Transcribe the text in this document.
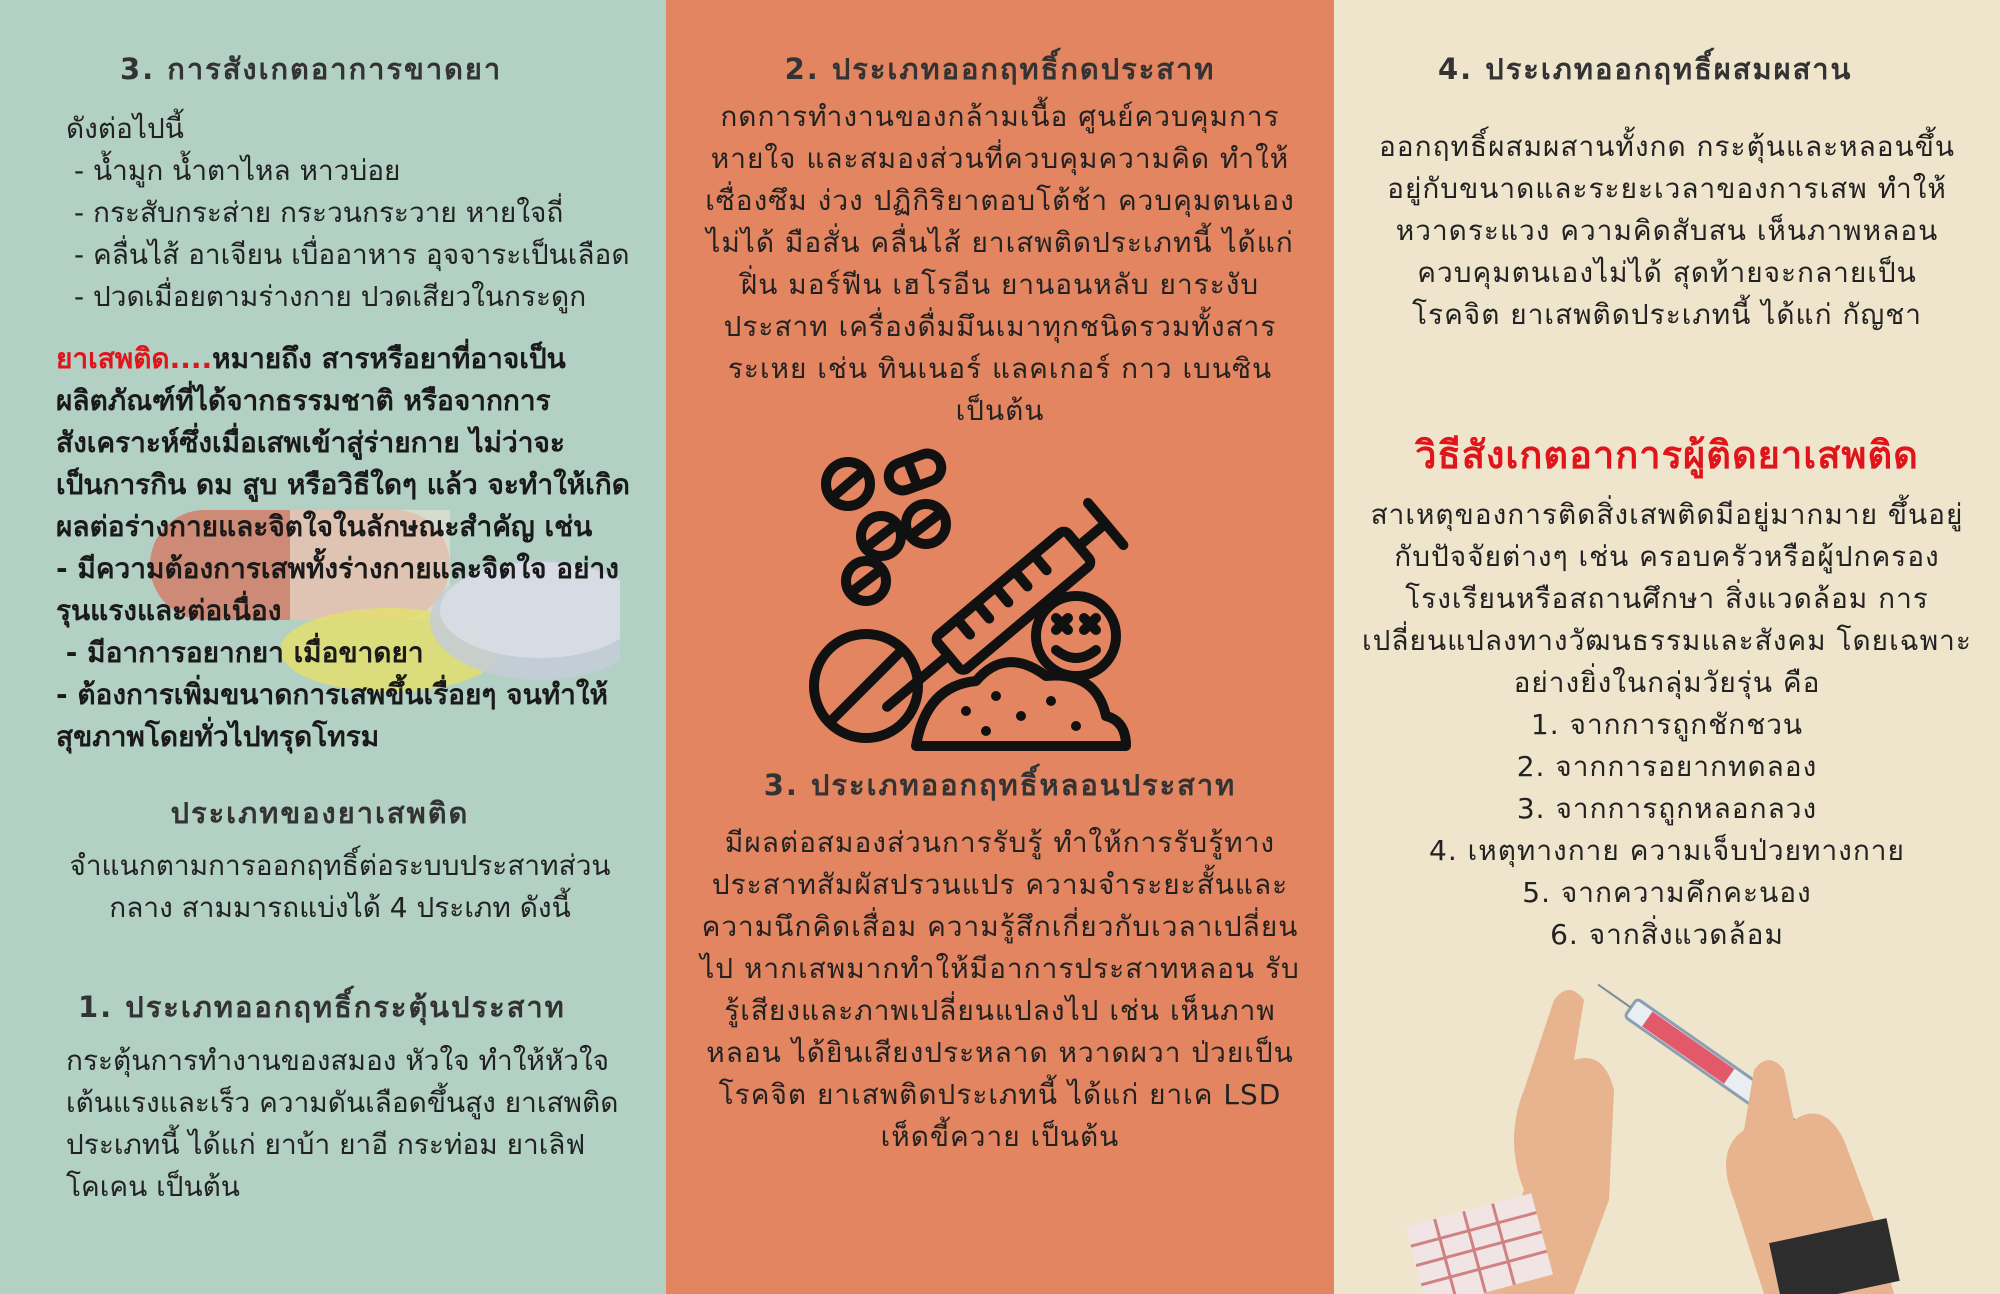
3. การสังเกตอาการขาดยา
ดังต่อไปนี้
- น้ำมูก น้ำตาไหล หาวบ่อย
- กระสับกระส่าย กระวนกระวาย หายใจถี่
- คลื่นไส้ อาเจียน เบื่ออาหาร อุจจาระเป็นเลือด
- ปวดเมื่อยตามร่างกาย ปวดเสียวในกระดูก
ยาเสพติด....หมายถึง สารหรือยาที่อาจเป็นผลิตภัณฑ์ที่ได้จากธรรมชาติ หรือจากการสังเคราะห์ซึ่งเมื่อเสพเข้าสู่ร่ายกาย ไม่ว่าจะเป็นการกิน ดม สูบ หรือวิธีใดๆ แล้ว จะทำให้เกิดผลต่อร่างกายและจิตใจในลักษณะสำคัญ เช่น
- มีความต้องการเสพทั้งร่างกายและจิตใจ อย่างรุนแรงและต่อเนื่อง
- มีอาการอยากยา เมื่อขาดยา
- ต้องการเพิ่มขนาดการเสพขึ้นเรื่อยๆ จนทำให้สุขภาพโดยทั่วไปทรุดโทรม
ประเภทของยาเสพติด

จำแนกตามการออกฤทธิ์ต่อระบบประสาทส่วนกลาง สามมารถแบ่งได้ 4 ประเภท ดังนี้

1. ประเภทออกฤทธิ์กระตุ้นประสาท

กระตุ้นการทำงานของสมอง หัวใจ ทำให้หัวใจเต้นแรงและเร็ว ความดันเลือดขึ้นสูง ยาเสพติดประเภทนี้ ได้แก่ ยาบ้า ยาอี กระท่อม ยาเลิฟ โคเคน เป็นต้น

2. ประเภทออกฤทธิ์กดประสาท

กดการทำงานของกล้ามเนื้อ ศูนย์ควบคุมการหายใจ และสมองส่วนที่ควบคุมความคิด ทำให้เซื่องซึม ง่วง ปฏิกิริยาตอบโต้ช้า ควบคุมตนเองไม่ได้ มือสั่น คลื่นไส้ ยาเสพติดประเภทนี้ ได้แก่ ฝิ่น มอร์ฟีน เฮโรอีน ยานอนหลับ ยาระงับประสาท เครื่องดื่มมึนเมาทุกชนิดรวมทั้งสารระเหย เช่น ทินเนอร์ แลคเกอร์ กาว เบนซิน เป็นต้น

3. ประเภทออกฤทธิ์หลอนประสาท

มีผลต่อสมองส่วนการรับรู้ ทำให้การรับรู้ทางประสาทสัมผัสปรวนแปร ความจำระยะสั้นและความนึกคิดเสื่อม ความรู้สึกเกี่ยวกับเวลาเปลี่ยนไป หากเสพมากทำให้มีอาการประสาทหลอน รับรู้เสียงและภาพเปลี่ยนแปลงไป เช่น เห็นภาพหลอน ได้ยินเสียงประหลาด หวาดผวา ป่วยเป็นโรคจิต ยาเสพติดประเภทนี้ ได้แก่ ยาเค LSD เห็ดขี้ควาย เป็นต้น

4. ประเภทออกฤทธิ์ผสมผสาน

ออกฤทธิ์ผสมผสานทั้งกด กระตุ้นและหลอนขึ้นอยู่กับขนาดและระยะเวลาของการเสพ ทำให้หวาดระแวง ความคิดสับสน เห็นภาพหลอนควบคุมตนเองไม่ได้ สุดท้ายจะกลายเป็นโรคจิต ยาเสพติดประเภทนี้ ได้แก่ กัญชา

วิธีสังเกตอาการผู้ติดยาเสพติด
สาเหตุของการติดสิ่งเสพติดมีอยู่มากมาย ขึ้นอยู่กับปัจจัยต่างๆ เช่น ครอบครัวหรือผู้ปกครอง โรงเรียนหรือสถานศึกษา สิ่งแวดล้อม การเปลี่ยนแปลงทางวัฒนธรรมและสังคม โดยเฉพาะอย่างยิ่งในกลุ่มวัยรุ่น คือ
1. จากการถูกชักชวน
2. จากการอยากทดลอง
3. จากการถูกหลอกลวง
4. เหตุทางกาย ความเจ็บป่วยทางกาย
5. จากความคึกคะนอง
6. จากสิ่งแวดล้อม
